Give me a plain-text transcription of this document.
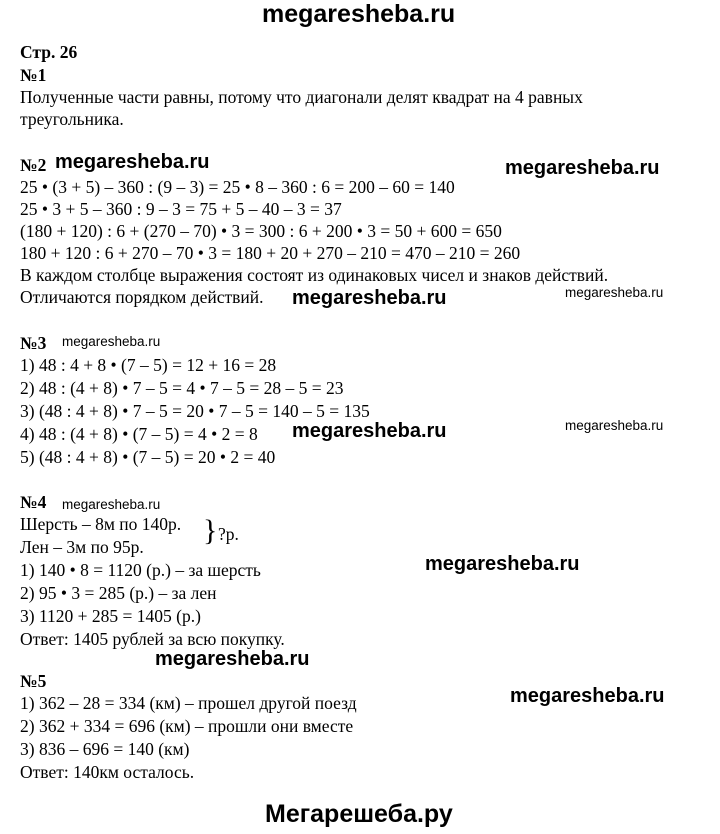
megaresheba.ru
Стр. 26
№1
Полученные части равны, потому что диагонали делят квадрат на 4 равных
треугольника.
№2 megaresheba.ru	megaresheba.ru
25 • (3 + 5) – 360 : (9 – 3) = 25 • 8 – 360 : 6 = 200 – 60 = 140
25 • 3 + 5 – 360 : 9 – 3 = 75 + 5 – 40 – 3 = 37
(180 + 120) : 6 + (270 – 70) • 3 = 300 : 6 + 200 • 3 = 50 + 600 = 650
180 + 120 : 6 + 270 – 70 • 3 = 180 + 20 + 270 – 210 = 470 – 210 = 260
В каждом столбце выражения состоят из одинаковых чисел и знаков действий.
Отличаются порядком действий. megaresheba.ru	megaresheba.ru
№3 megaresheba.ru
1) 48 : 4 + 8 • (7 – 5) = 12 + 16 = 28
2) 48 : (4 + 8) • 7 – 5 = 4 • 7 – 5 = 28 – 5 = 23
3) (48 : 4 + 8) • 7 – 5 = 20 • 7 – 5 = 140 – 5 = 135
4) 48 : (4 + 8) • (7 – 5) = 4 • 2 = 8 megaresheba.ru	megaresheba.ru
5) (48 : 4 + 8) • (7 – 5) = 20 • 2 = 40
№4 megaresheba.ru
Шерсть – 8м по 140р.
Лен – 3м по 95р. } ?р.
megaresheba.ru
1) 140 • 8 = 1120 (р.) – за шерсть
2) 95 • 3 = 285 (р.) – за лен
3) 1120 + 285 = 1405 (р.)
Ответ: 1405 рублей за всю покупку.
megaresheba.ru
№5
megaresheba.ru
1) 362 – 28 = 334 (км) – прошел другой поезд
2) 362 + 334 = 696 (км) – прошли они вместе
3) 836 – 696 = 140 (км)
Ответ: 140км осталось.
Мегарешеба.ру
